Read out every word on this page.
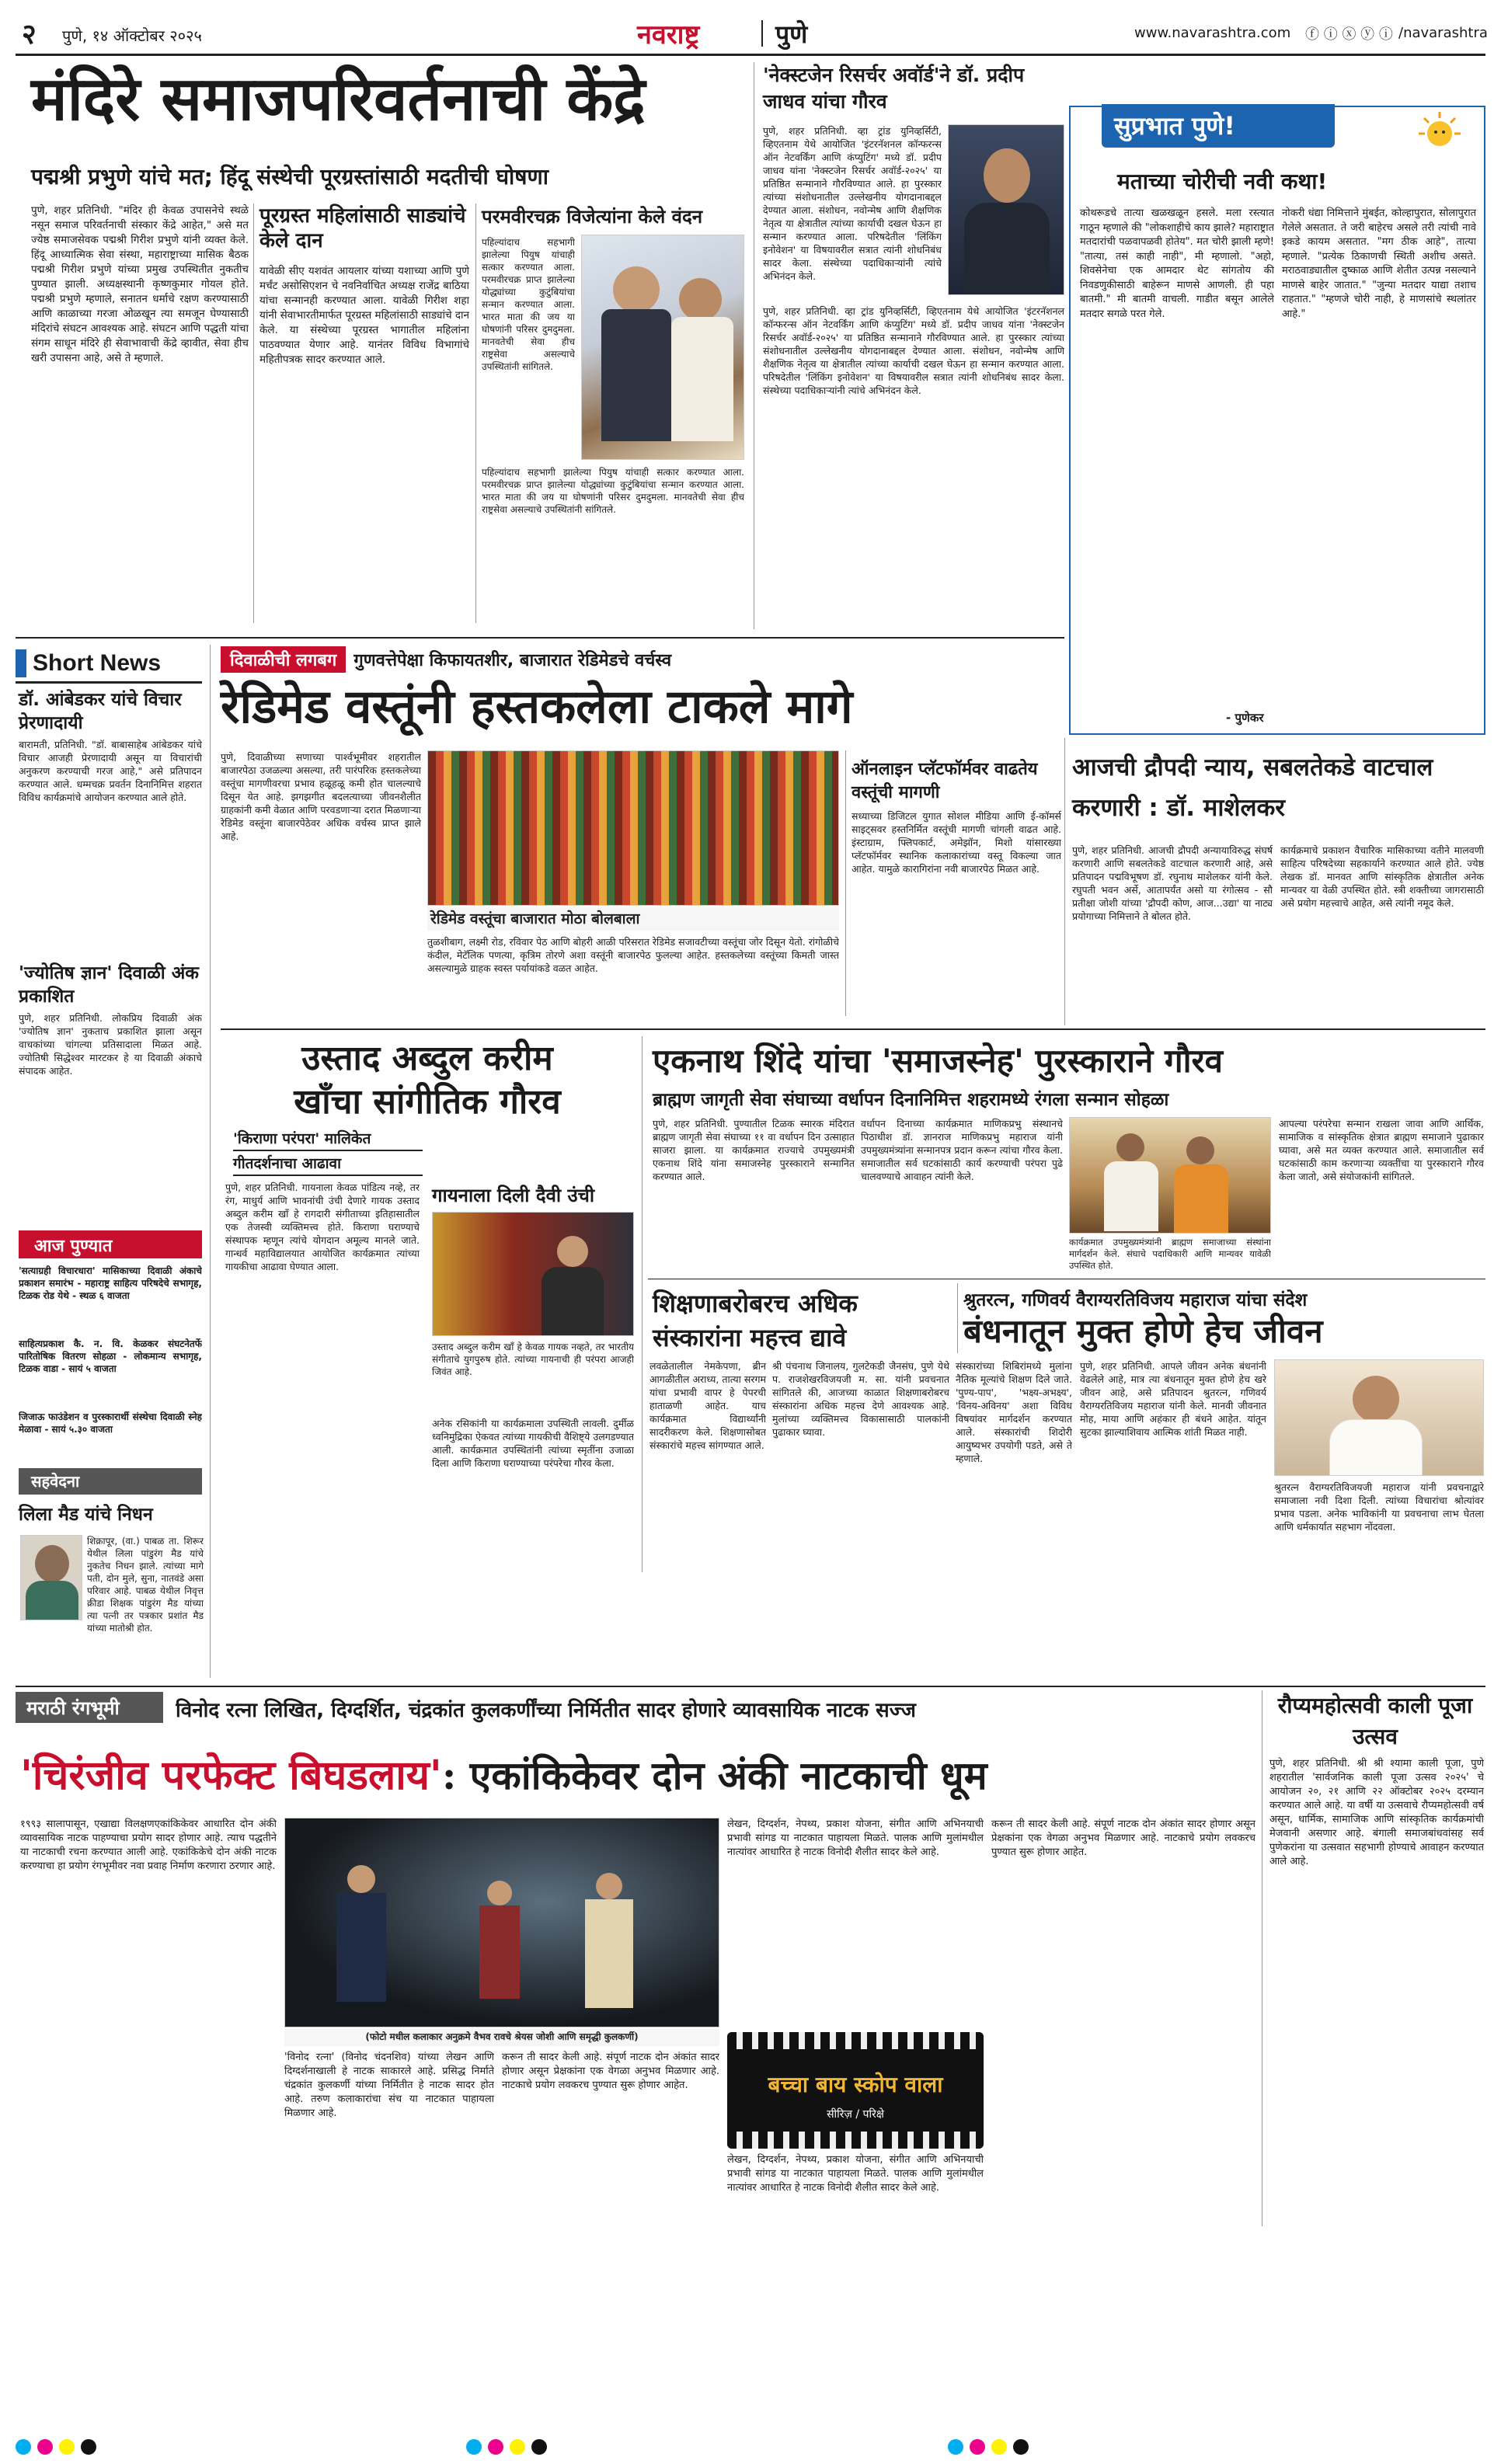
२ पुणे, १४ ऑक्टोबर २०२५	नवराष्ट्र	पुणे	www.navarashtra.com ⓕ ⓘ ⓧ ⓨ ⓘ /navarashtra
मंदिरे समाजपरिवर्तनाची केंद्रे
पद्मश्री प्रभुणे यांचे मत; हिंदू संस्थेची पूरग्रस्तांसाठी मदतीची घोषणा
पुणे, शहर प्रतिनिधी. "मंदिर ही केवळ उपासनेचे स्थळे नसून समाज परिवर्तनाची संस्कार केंद्रे आहेत," असे मत ज्येष्ठ समाजसेवक पद्मश्री गिरीश प्रभुणे यांनी व्यक्त केले. हिंदू आध्यात्मिक सेवा संस्था, महाराष्ट्राच्या मासिक बैठक पद्मश्री गिरीश प्रभुणे यांच्या प्रमुख उपस्थितीत नुकतीच पुण्यात झाली. अध्यक्षस्थानी कृष्णकुमार गोयल होते. पद्मश्री प्रभुणे म्हणाले, सनातन धर्माचे रक्षण करण्यासाठी आणि काळाच्या गरजा ओळखून त्या समजून घेण्यासाठी मंदिरांचे संघटन आवश्यक आहे. संघटन आणि पद्धती यांचा संगम साधून मंदिरे ही सेवाभावाची केंद्रे व्हावीत, सेवा हीच खरी उपासना आहे, असे ते म्हणाले.
पूरग्रस्त महिलांसाठी साड्यांचे केले दान
यावेळी सीए यशवंत आयलार यांच्या यशाच्या आणि पुणे मर्चंट असोसिएशन चे नवनिर्वाचित अध्यक्ष राजेंद्र बाठिया यांचा सन्मानही करण्यात आला. यावेळी गिरीश शहा यांनी सेवाभारतीमार्फत पूरग्रस्त महिलांसाठी साड्यांचे दान केले. या संस्थेच्या पूरग्रस्त भागातील महिलांना पाठवण्यात येणार आहे. यानंतर विविध विभागांचे महितीपत्रक सादर करण्यात आले.
परमवीरचक्र विजेत्यांना केले वंदन
पहिल्यांदाच सहभागी झालेल्या पियुष यांचाही सत्कार करण्यात आला. परमवीरचक्र प्राप्त झालेल्या योद्ध्यांच्या कुटुंबियांचा सन्मान करण्यात आला. भारत माता की जय या घोषणांनी परिसर दुमदुमला. मानवतेची सेवा हीच राष्ट्रसेवा असल्याचे उपस्थितांनी सांगितले.
पहिल्यांदाच सहभागी झालेल्या पियुष यांचाही सत्कार करण्यात आला. परमवीरचक्र प्राप्त झालेल्या योद्ध्यांच्या कुटुंबियांचा सन्मान करण्यात आला. भारत माता की जय या घोषणांनी परिसर दुमदुमला. मानवतेची सेवा हीच राष्ट्रसेवा असल्याचे उपस्थितांनी सांगितले.
'नेक्स्टजेन रिसर्चर अवॉर्ड'ने डॉ. प्रदीप जाधव यांचा गौरव
पुणे, शहर प्रतिनिधी. व्हा ट्रांड युनिव्हर्सिटी, व्हिएतनाम येथे आयोजित 'इंटरनॅशनल कॉन्फरन्स ऑन नेटवर्किंग आणि कंप्युटिंग' मध्ये डॉ. प्रदीप जाधव यांना 'नेक्स्टजेन रिसर्चर अवॉर्ड-२०२५' या प्रतिष्ठित सन्मानाने गौरविण्यात आले. हा पुरस्कार त्यांच्या संशोधनातील उल्लेखनीय योगदानाबद्दल देण्यात आला. संशोधन, नवोन्मेष आणि शैक्षणिक नेतृत्व या क्षेत्रातील त्यांच्या कार्याची दखल घेऊन हा सन्मान करण्यात आला. परिषदेतील 'लिंकिंग इनोवेशन' या विषयावरील सत्रात त्यांनी शोधनिबंध सादर केला. संस्थेच्या पदाधिकाऱ्यांनी त्यांचे अभिनंदन केले.
पुणे, शहर प्रतिनिधी. व्हा ट्रांड युनिव्हर्सिटी, व्हिएतनाम येथे आयोजित 'इंटरनॅशनल कॉन्फरन्स ऑन नेटवर्किंग आणि कंप्युटिंग' मध्ये डॉ. प्रदीप जाधव यांना 'नेक्स्टजेन रिसर्चर अवॉर्ड-२०२५' या प्रतिष्ठित सन्मानाने गौरविण्यात आले. हा पुरस्कार त्यांच्या संशोधनातील उल्लेखनीय योगदानाबद्दल देण्यात आला. संशोधन, नवोन्मेष आणि शैक्षणिक नेतृत्व या क्षेत्रातील त्यांच्या कार्याची दखल घेऊन हा सन्मान करण्यात आला. परिषदेतील 'लिंकिंग इनोवेशन' या विषयावरील सत्रात त्यांनी शोधनिबंध सादर केला. संस्थेच्या पदाधिकाऱ्यांनी त्यांचे अभिनंदन केले.
सुप्रभात पुणे!
मताच्या चोरीची नवी कथा!
कोथरूडचे तात्या खळखळून हसले. मला रस्त्यात गाठून म्हणाले की "लोकशाहीचे काय झाले? महाराष्ट्रात मतदारांची पळवापळवी होतेय". मत चोरी झाली म्हणे! "तात्या, तसं काही नाही", मी म्हणालो. "अहो, शिवसेनेचा एक आमदार थेट सांगतोय की निवडणुकीसाठी बाहेरून माणसे आणली. ही पहा बातमी." मी बातमी वाचली. गाडीत बसून आलेले मतदार सगळे परत गेले.
नोकरी धंद्या निमित्ताने मुंबईत, कोल्हापुरात, सोलापुरात गेलेले असतात. ते जरी बाहेरच असले तरी त्यांची नावे इकडे कायम असतात. "मग ठीक आहे", तात्या म्हणाले. "प्रत्येक ठिकाणची स्थिती अशीच असते. मराठवाड्यातील दुष्काळ आणि शेतीत उत्पन्न नसल्याने माणसे बाहेर जातात." "जुन्या मतदार याद्या तशाच राहतात." "म्हणजे चोरी नाही, हे माणसांचे स्थलांतर आहे."
- पुणेकर
Short News
डॉ. आंबेडकर यांचे विचार प्रेरणादायी
बारामती, प्रतिनिधी. "डॉ. बाबासाहेब आंबेडकर यांचे विचार आजही प्रेरणादायी असून या विचारांची अनुकरण करण्याची गरज आहे," असे प्रतिपादन करण्यात आले. धम्मचक्र प्रवर्तन दिनानिमित्त शहरात विविध कार्यक्रमांचे आयोजन करण्यात आले होते.
'ज्योतिष ज्ञान' दिवाळी अंक प्रकाशित
पुणे, शहर प्रतिनिधी. लोकप्रिय दिवाळी अंक 'ज्योतिष ज्ञान' नुकताच प्रकाशित झाला असून वाचकांच्या चांगल्या प्रतिसादाला मिळत आहे. ज्योतिषी सिद्धेश्वर मारटकर हे या दिवाळी अंकाचे संपादक आहेत.
आज पुण्यात
'सत्याग्रही विचारधारा' मासिकाच्या दिवाळी अंकाचे प्रकाशन समारंभ - महाराष्ट्र साहित्य परिषदेचे सभागृह, टिळक रोड येथे - स्थळ ६ वाजता
साहित्यप्रकाश कै. न. वि. केळकर संघटनेतर्फे पारितोषिक वितरण सोहळा - लोकमान्य सभागृह, टिळक वाडा - सायं ५ वाजता
जिजाऊ फाउंडेशन व पुरस्कारार्थी संस्थेचा दिवाळी स्नेह मेळावा - सायं ५.३० वाजता
सहवेदना
लिला मैड यांचे निधन
शिक्रापूर, (वा.) पाबळ ता. शिरूर येथील लिला पांडुरंग मैड यांचे नुकतेच निधन झाले. त्यांच्या मागे पती, दोन मुले, सुना, नातवंडे असा परिवार आहे. पाबळ येथील निवृत्त क्रीडा शिक्षक पांडुरंग मैड यांच्या त्या पत्नी तर पत्रकार प्रशांत मैड यांच्या मातोश्री होत.
दिवाळीची लगबग	गुणवत्तेपेक्षा किफायतशीर, बाजारात रेडिमेडचे वर्चस्व
रेडिमेड वस्तूंनी हस्तकलेला टाकले मागे
पुणे, दिवाळीच्या सणाच्या पार्श्वभूमीवर शहरातील बाजारपेठा उजळल्या असल्या, तरी पारंपरिक हस्तकलेच्या वस्तूंचा मागणीवरचा प्रभाव हळूहळू कमी होत चालल्याचे दिसून येत आहे. झगझगीत बदलत्याच्या जीवनशैलीत ग्राहकांनी कमी वेळात आणि परवडणाऱ्या दरात मिळणाऱ्या रेडिमेड वस्तूंना बाजारपेठेवर अधिक वर्चस्व प्राप्त झाले आहे.
रेडिमेड वस्तूंचा बाजारात मोठा बोलबाला
तुळशीबाग, लक्ष्मी रोड, रविवार पेठ आणि बोहरी आळी परिसरात रेडिमेड सजावटीच्या वस्तूंचा जोर दिसून येतो. रांगोळीचे कंदील, मेटॅलिक पणत्या, कृत्रिम तोरणे अशा वस्तूंनी बाजारपेठ फुलल्या आहेत. हस्तकलेच्या वस्तूंच्या किमती जास्त असल्यामुळे ग्राहक स्वस्त पर्यायांकडे वळत आहेत.
ऑनलाइन प्लॅटफॉर्मवर वाढतेय वस्तूंची मागणी
सध्याच्या डिजिटल युगात सोशल मीडिया आणि ई-कॉमर्स साइट्सवर हस्तनिर्मित वस्तूंची मागणी चांगली वाढत आहे. इंस्टाग्राम, फ्लिपकार्ट, अमेझॉन, मिशो यांसारख्या प्लॅटफॉर्मवर स्थानिक कलाकारांच्या वस्तू विकल्या जात आहेत. यामुळे कारागिरांना नवी बाजारपेठ मिळत आहे.
आजची द्रौपदी न्याय, सबलतेकडे वाटचाल करणारी : डॉ. माशेलकर
पुणे, शहर प्रतिनिधी. आजची द्रौपदी अन्यायाविरुद्ध संघर्ष करणारी आणि सबलतेकडे वाटचाल करणारी आहे, असे प्रतिपादन पद्मविभूषण डॉ. रघुनाथ माशेलकर यांनी केले. रघुपती भवन अर्से, आतापर्यंत असो या रंगोत्सव - सौ प्रतीक्षा जोशी यांच्या 'द्रौपदी कोण, आज...उद्या' या नाट्य प्रयोगाच्या निमित्ताने ते बोलत होते.
कार्यक्रमाचे प्रकाशन वैचारिक मासिकाच्या वतीने मालवणी साहित्य परिषदेच्या सहकार्याने करण्यात आले होते. ज्येष्ठ लेखक डॉ. मानवत आणि सांस्कृतिक क्षेत्रातील अनेक मान्यवर या वेळी उपस्थित होते. स्त्री शक्तीच्या जागरासाठी असे प्रयोग महत्त्वाचे आहेत, असे त्यांनी नमूद केले.
उस्ताद अब्दुल करीम
खाँचा सांगीतिक गौरव
'किराणा परंपरा' मालिकेत
गीतदर्शनाचा आढावा
पुणे, शहर प्रतिनिधी. गायनाला केवळ पांडित्य नव्हे, तर रंग, माधुर्य आणि भावनांची उंची देणारे गायक उस्ताद अब्दुल करीम खाँ हे रागदारी संगीताच्या इतिहासातील एक तेजस्वी व्यक्तिमत्त्व होते. किराणा घराण्याचे संस्थापक म्हणून त्यांचे योगदान अमूल्य मानले जाते. गान्धर्व महाविद्यालयात आयोजित कार्यक्रमात त्यांच्या गायकीचा आढावा घेण्यात आला.
गायनाला दिली दैवी उंची
उस्ताद अब्दुल करीम खाँ हे केवळ गायक नव्हते, तर भारतीय संगीताचे युगपुरुष होते. त्यांच्या गायनाची ही परंपरा आजही जिवंत आहे.
अनेक रसिकांनी या कार्यक्रमाला उपस्थिती लावली. दुर्मीळ ध्वनिमुद्रिका ऐकवत त्यांच्या गायकीची वैशिष्ट्ये उलगडण्यात आली. कार्यक्रमात उपस्थितांनी त्यांच्या स्मृतींना उजाळा दिला आणि किराणा घराण्याच्या परंपरेचा गौरव केला.
एकनाथ शिंदे यांचा 'समाजस्नेह' पुरस्काराने गौरव
ब्राह्मण जागृती सेवा संघाच्या वर्धापन दिनानिमित्त शहरामध्ये रंगला सन्मान सोहळा
पुणे, शहर प्रतिनिधी. पुण्यातील टिळक स्मारक मंदिरात ब्राह्मण जागृती सेवा संघाच्या ११ वा वर्धापन दिन उत्साहात साजरा झाला. या कार्यक्रमात राज्याचे उपमुख्यमंत्री एकनाथ शिंदे यांना समाजस्नेह पुरस्काराने सन्मानित करण्यात आले.
वर्धापन दिनाच्या कार्यक्रमात माणिकप्रभु संस्थानचे पिठाधीश डॉ. ज्ञानराज माणिकप्रभु महाराज यांनी उपमुख्यमंत्र्यांना सन्मानपत्र प्रदान करून त्यांचा गौरव केला. समाजातील सर्व घटकांसाठी कार्य करण्याची परंपरा पुढे चालवण्याचे आवाहन त्यांनी केले.
कार्यक्रमात उपमुख्यमंत्र्यांनी ब्राह्मण समाजाच्या संस्थांना मार्गदर्शन केले. संघाचे पदाधिकारी आणि मान्यवर यावेळी उपस्थित होते.
आपल्या परंपरेचा सन्मान राखला जावा आणि आर्थिक, सामाजिक व सांस्कृतिक क्षेत्रात ब्राह्मण समाजाने पुढाकार घ्यावा, असे मत व्यक्त करण्यात आले. समाजातील सर्व घटकांसाठी काम करणाऱ्या व्यक्तींचा या पुरस्काराने गौरव केला जातो, असे संयोजकांनी सांगितले.
शिक्षणाबरोबरच अधिक संस्कारांना महत्त्व द्यावे
लवळेतालील नेमकेपणा, ब्रीन आगळीतील अराध्य, तात्या सरगम यांचा प्रभावी वापर हे पेपरची हाताळणी आहेत. याच कार्यक्रमात विद्यार्थ्यांनी सादरीकरण केले. शिक्षणासोबत संस्कारांचे महत्त्व सांगण्यात आले.
श्री पंचनाथ जिनालय, गुलटेकडी जैनसंघ, पुणे येथे प. राजशेखरविजयजी म. सा. यांनी प्रवचनात सांगितले की, आजच्या काळात शिक्षणाबरोबरच संस्कारांना अधिक महत्त्व देणे आवश्यक आहे. मुलांच्या व्यक्तिमत्त्व विकासासाठी पालकांनी पुढाकार घ्यावा.
संस्कारांच्या शिबिरांमध्ये मुलांना नैतिक मूल्यांचे शिक्षण दिले जाते. 'पुण्य-पाप', 'भक्ष्य-अभक्ष्य', 'विनय-अविनय' अशा विविध विषयांवर मार्गदर्शन करण्यात आले. संस्कारांची शिदोरी आयुष्यभर उपयोगी पडते, असे ते म्हणाले.
श्रुतरत्न, गणिवर्य वैराग्यरतिविजय महाराज यांचा संदेश
बंधनातून मुक्त होणे हेच जीवन
पुणे, शहर प्रतिनिधी. आपले जीवन अनेक बंधनांनी वेढलेले आहे, मात्र त्या बंधनातून मुक्त होणे हेच खरे जीवन आहे, असे प्रतिपादन श्रुतरत्न, गणिवर्य वैराग्यरतिविजय महाराज यांनी केले. मानवी जीवनात मोह, माया आणि अहंकार ही बंधने आहेत. यांतून सुटका झाल्याशिवाय आत्मिक शांती मिळत नाही.
श्रुतरत्न वैराग्यरतिविजयजी महाराज यांनी प्रवचनाद्वारे समाजाला नवी दिशा दिली. त्यांच्या विचारांचा श्रोत्यांवर प्रभाव पडला. अनेक भाविकांनी या प्रवचनाचा लाभ घेतला आणि धर्मकार्यात सहभाग नोंदवला.
मराठी रंगभूमी	विनोद रत्ना लिखित, दिग्दर्शित, चंद्रकांत कुलकर्णींच्या निर्मितीत सादर होणारे व्यावसायिक नाटक सज्ज	रौप्यमहोत्सवी काली पूजा उत्सव
'चिरंजीव परफेक्ट बिघडलाय': एकांकिकेवर दोन अंकी नाटकाची धूम
१९९३ सालापासून, एखाद्या विलक्षणएकांकिकेवर आधारित दोन अंकी व्यावसायिक नाटक पाहण्याचा प्रयोग सादर होणार आहे. त्याच पद्धतीने या नाटकाची रचना करण्यात आली आहे. एकांकिकेचे दोन अंकी नाटक करण्याचा हा प्रयोग रंगभूमीवर नवा प्रवाह निर्माण करणारा ठरणार आहे.
(फोटो मधील कलाकार अनुक्रमे वैभव रावचे श्रेयस जोशी आणि समृद्धी कुलकर्णी)
'विनोद रत्ना' (विनोद चंदनशिव) यांच्या लेखन आणि दिग्दर्शनाखाली हे नाटक साकारले आहे. प्रसिद्ध निर्माते चंद्रकांत कुलकर्णी यांच्या निर्मितीत हे नाटक सादर होत आहे. तरुण कलाकारांचा संच या नाटकात पाहायला मिळणार आहे.
करून ती सादर केली आहे. संपूर्ण नाटक दोन अंकांत सादर होणार असून प्रेक्षकांना एक वेगळा अनुभव मिळणार आहे. नाटकाचे प्रयोग लवकरच पुण्यात सुरू होणार आहेत.
लेखन, दिग्दर्शन, नेपथ्य, प्रकाश योजना, संगीत आणि अभिनयाची प्रभावी सांगड या नाटकात पाहायला मिळते. पालक आणि मुलांमधील नात्यांवर आधारित हे नाटक विनोदी शैलीत सादर केले आहे.
बच्चा बाय स्कोप वाला
सीरिज़ / परिक्षे
करून ती सादर केली आहे. संपूर्ण नाटक दोन अंकांत सादर होणार असून प्रेक्षकांना एक वेगळा अनुभव मिळणार आहे. नाटकाचे प्रयोग लवकरच पुण्यात सुरू होणार आहेत.
लेखन, दिग्दर्शन, नेपथ्य, प्रकाश योजना, संगीत आणि अभिनयाची प्रभावी सांगड या नाटकात पाहायला मिळते. पालक आणि मुलांमधील नात्यांवर आधारित हे नाटक विनोदी शैलीत सादर केले आहे.
पुणे, शहर प्रतिनिधी. श्री श्री श्यामा काली पूजा, पुणे शहरातील 'सार्वजनिक काली पूजा उत्सव २०२५' चे आयोजन २०, २१ आणि २२ ऑक्टोबर २०२५ दरम्यान करण्यात आले आहे. या वर्षी या उत्सवाचे रौप्यमहोत्सवी वर्ष असून, धार्मिक, सामाजिक आणि सांस्कृतिक कार्यक्रमांची मेजवानी असणार आहे. बंगाली समाजबांधवांसह सर्व पुणेकरांना या उत्सवात सहभागी होण्याचे आवाहन करण्यात आले आहे.
